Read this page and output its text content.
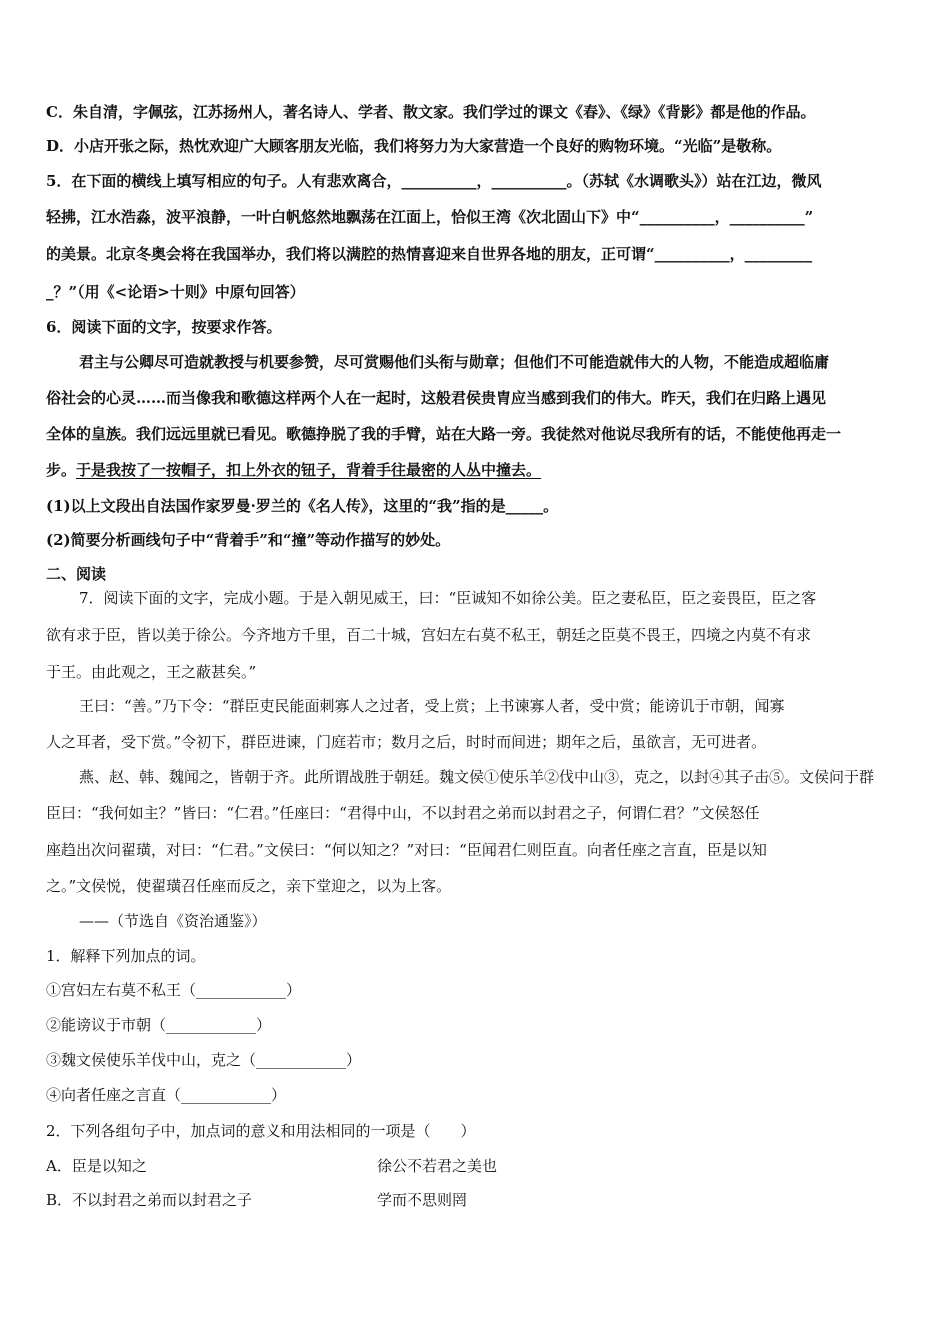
C．朱自清，字佩弦，江苏扬州人，著名诗人、学者、散文家。我们学过的课文《春》、《绿》《背影》都是他的作品。
D．小店开张之际，热忱欢迎广大顾客朋友光临，我们将努力为大家营造一个良好的购物环境。“光临”是敬称。
5．在下面的横线上填写相应的句子。人有悲欢离合，__________，__________。（苏轼《水调歌头》）站在江边，微风
轻拂，江水浩淼，波平浪静，一叶白帆悠然地飘荡在江面上，恰似王湾《次北固山下》中“__________，__________”
的美景。北京冬奥会将在我国举办，我们将以满腔的热情喜迎来自世界各地的朋友，正可谓“__________，_________
_？”（用《<论语>十则》中原句回答）
6．阅读下面的文字，按要求作答。
君主与公卿尽可造就教授与机要参赞，尽可赏赐他们头衔与勋章；但他们不可能造就伟大的人物，不能造成超临庸
俗社会的心灵……而当像我和歌德这样两个人在一起时，这般君侯贵胄应当感到我们的伟大。昨天，我们在归路上遇见
全体的皇族。我们远远里就已看见。歌德挣脱了我的手臂，站在大路一旁。我徒然对他说尽我所有的话，不能使他再走一
步。于是我按了一按帽子，扣上外衣的钮子，背着手往最密的人丛中撞去。
(1)以上文段出自法国作家罗曼·罗兰的《名人传》，这里的“我”指的是_____。
(2)简要分析画线句子中“背着手”和“撞”等动作描写的妙处。
二、阅读
7．阅读下面的文字，完成小题。于是入朝见威王，曰：“臣诚知不如徐公美。臣之妻私臣，臣之妾畏臣，臣之客
欲有求于臣，皆以美于徐公。今齐地方千里，百二十城，宫妇左右莫不私王，朝廷之臣莫不畏王，四境之内莫不有求
于王。由此观之，王之蔽甚矣。”
王曰：“善。”乃下令：“群臣吏民能面刺寡人之过者，受上赏；上书谏寡人者，受中赏；能谤讥于市朝，闻寡
人之耳者，受下赏。”令初下，群臣进谏，门庭若市；数月之后，时时而间进；期年之后，虽欲言，无可进者。
燕、赵、韩、魏闻之，皆朝于齐。此所谓战胜于朝廷。魏文侯①使乐羊②伐中山③，克之，以封④其子击⑤。文侯问于群
臣曰：“我何如主？”皆曰：“仁君。”任座曰：“君得中山，不以封君之弟而以封君之子，何谓仁君？”文侯怒任
座趋出次问翟璜，对曰：“仁君。”文侯曰：“何以知之？”对曰：“臣闻君仁则臣直。向者任座之言直，臣是以知
之。”文侯悦，使翟璜召任座而反之，亲下堂迎之，以为上客。
——（节选自《资治通鉴》）
1．解释下列加点的词。
①宫妇左右莫不私王（____________）
②能谤议于市朝（____________）
③魏文侯使乐羊伐中山，克之（____________）
④向者任座之言直（____________）
2．下列各组句子中，加点词的意义和用法相同的一项是（　　）
A．臣是以知之	徐公不若君之美也
B．不以封君之弟而以封君之子	学而不思则罔
